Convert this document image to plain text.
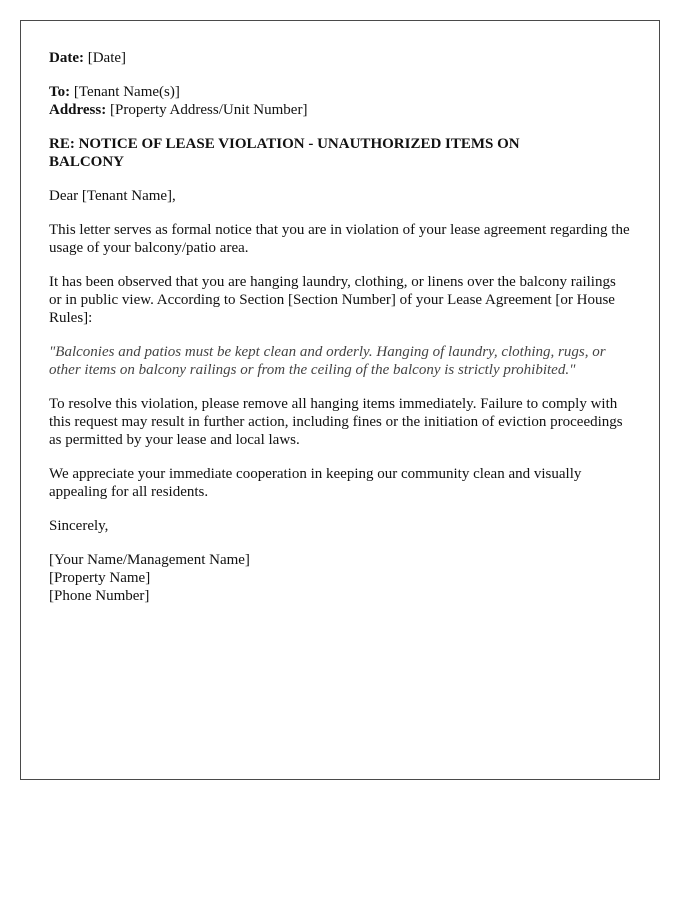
Date: [Date]
To: [Tenant Name(s)]
Address: [Property Address/Unit Number]
RE: NOTICE OF LEASE VIOLATION - UNAUTHORIZED ITEMS ON BALCONY
Dear [Tenant Name],
This letter serves as formal notice that you are in violation of your lease agreement regarding the usage of your balcony/patio area.
It has been observed that you are hanging laundry, clothing, or linens over the balcony railings or in public view. According to Section [Section Number] of your Lease Agreement [or House Rules]:
"Balconies and patios must be kept clean and orderly. Hanging of laundry, clothing, rugs, or other items on balcony railings or from the ceiling of the balcony is strictly prohibited."
To resolve this violation, please remove all hanging items immediately. Failure to comply with this request may result in further action, including fines or the initiation of eviction proceedings as permitted by your lease and local laws.
We appreciate your immediate cooperation in keeping our community clean and visually appealing for all residents.
Sincerely,
[Your Name/Management Name]
[Property Name]
[Phone Number]
